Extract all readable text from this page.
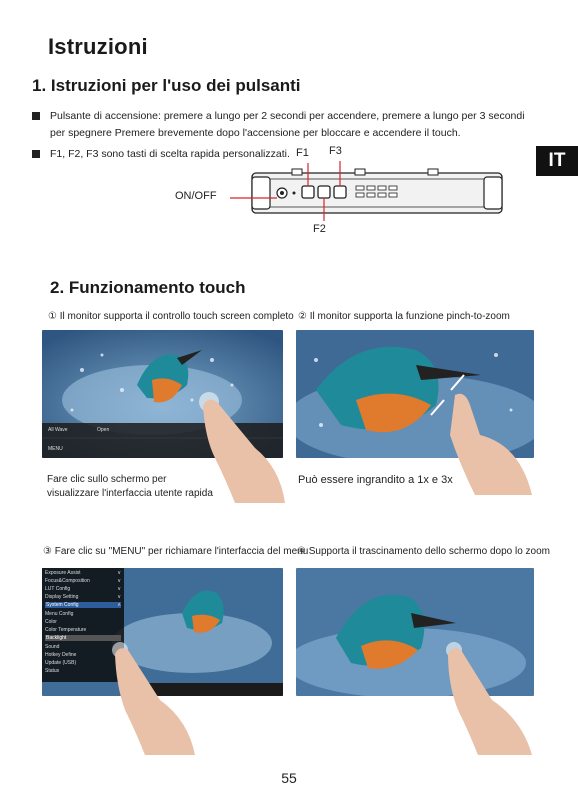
Istruzioni
1. Istruzioni per l'uso dei pulsanti
Pulsante di accensione: premere a lungo per 2 secondi per accendere, premere a lungo per 3 secondi
per spegnere Premere brevemente dopo l'accensione per bloccare e accendere il touch.
F1, F2, F3 sono tasti di scelta rapida personalizzati.	IT
F1 F3
ON/OFF
F2
2. Funzionamento touch
① Il monitor supporta il controllo touch screen completo
All Wave	Open
MENU
Fare clic sullo schermo per
visualizzare l'interfaccia utente rapida
② Il monitor supporta la funzione pinch-to-zoom
Può essere ingrandito a 1x e 3x
③ Fare clic su "MENU" per richiamare l'interfaccia del menu
Exposure Assist	∨
Focus&Composition	∨
LUT Config	∨
Display Setting	∨
System Config	∧
Menu Config
Color
Color Temperature
Backlight
Sound
Hotkey Define
Update (USB)
Status
④ Supporta il trascinamento dello schermo dopo lo zoom
55
